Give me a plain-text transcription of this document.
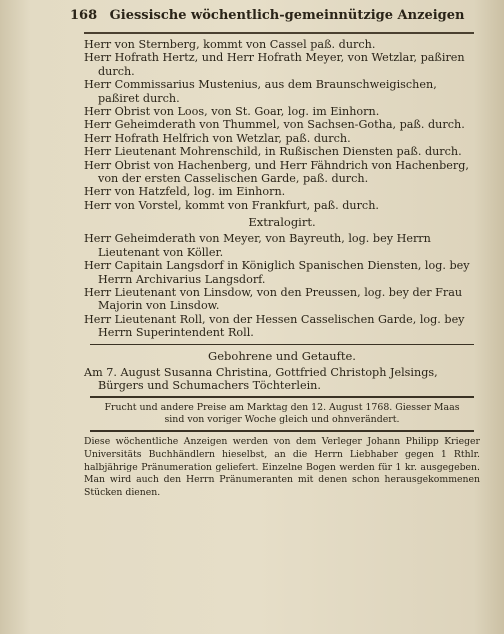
168 Giessische wöchentlich-gemeinnützige Anzeigen

Herr von Sternberg, kommt von Cassel paß. durch.

Herr Hofrath Hertz, und Herr Hofrath Meyer, von Wetzlar, paßiren durch.

Herr Commissarius Mustenius, aus dem Braunschweigischen, paßiret durch.

Herr Obrist von Loos, von St. Goar, log. im Einhorn.

Herr Geheimderath von Thummel, von Sachsen-Gotha, paß. durch.

Herr Hofrath Helfrich von Wetzlar, paß. durch.

Herr Lieutenant Mohrenschild, in Rußischen Diensten paß. durch.

Herr Obrist von Hachenberg, und Herr Fähndrich von Hachenberg, von der ersten Casselischen Garde, paß. durch.

Herr von Hatzfeld, log. im Einhorn.

Herr von Vorstel, kommt von Frankfurt, paß. durch.

Extralogirt.

Herr Geheimderath von Meyer, von Bayreuth, log. bey Herrn Lieutenant von Köller.

Herr Capitain Langsdorf in Königlich Spanischen Diensten, log. bey Herrn Archivarius Langsdorf.

Herr Lieutenant von Linsdow, von den Preussen, log. bey der Frau Majorin von Linsdow.

Herr Lieutenant Roll, von der Hessen Casselischen Garde, log. bey Herrn Superintendent Roll.

Gebohrene und Getaufte.

Am 7. August Susanna Christina, Gottfried Christoph Jelsings, Bürgers und Schumachers Töchterlein.

Frucht und andere Preise am Marktag den 12. August 1768. Giesser Maas
sind von voriger Woche gleich und ohnverändert.
Diese wöchentliche Anzeigen werden von dem Verleger Johann Philipp Krieger Universitäts Buchhändlern hieselbst, an die Herrn Liebhaber gegen 1 Rthlr. halbjährige Pränumeration geliefert. Einzelne Bogen werden für 1 kr. ausgegeben. Man wird auch den Herrn Pränumeranten mit denen schon herausgekommenen Stücken dienen.
